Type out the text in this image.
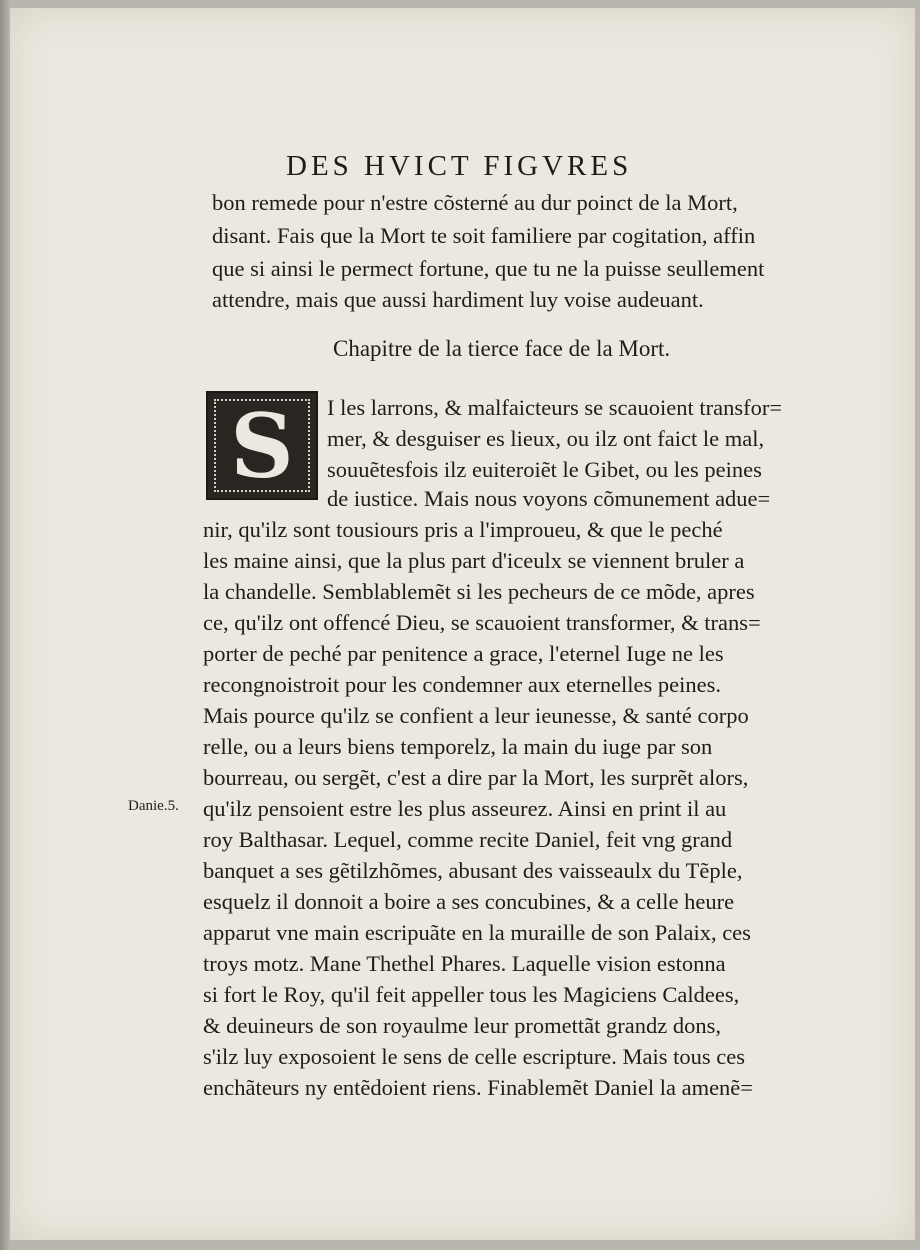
DES HVICT FIGVRES
bon remede pour n'estre cõsterné au dur poinct de la Mort,
disant. Fais que la Mort te soit familiere par cogitation, affin
que si ainsi le permect fortune, que tu ne la puisse seullement
attendre, mais que aussi hardiment luy voise audeuant.
Chapitre de la tierce face de la Mort.
S I les larrons, & malfaicteurs se scauoient transfor=
mer, & desguiser es lieux, ou ilz ont faict le mal,
souuẽtesfois ilz euiteroiẽt le Gibet, ou les peines
de iustice. Mais nous voyons cõmunement adue=
nir, qu'ilz sont tousiours pris a l'improueu, & que le peché
les maine ainsi, que la plus part d'iceulx se viennent bruler a
la chandelle. Semblablemẽt si les pecheurs de ce mõde, apres
ce, qu'ilz ont offencé Dieu, se scauoient transformer, & trans=
porter de peché par penitence a grace, l'eternel Iuge ne les
recongnoistroit pour les condemner aux eternelles peines.
Mais pource qu'ilz se confient a leur ieunesse, & santé corpo
relle, ou a leurs biens temporelz, la main du iuge par son
bourreau, ou sergẽt, c'est a dire par la Mort, les surprẽt alors,
qu'ilz pensoient estre les plus asseurez. Ainsi en print il au
roy Balthasar. Lequel, comme recite Daniel, feit vng grand
banquet a ses gẽtilzhõmes, abusant des vaisseaulx du Tẽple,
esquelz il donnoit a boire a ses concubines, & a celle heure
apparut vne main escripuãte en la muraille de son Palaix, ces
troys motz. Mane Thethel Phares. Laquelle vision estonna
si fort le Roy, qu'il feit appeller tous les Magiciens Caldees,
& deuineurs de son royaulme leur promettãt grandz dons,
s'ilz luy exposoient le sens de celle escripture. Mais tous ces
enchãteurs ny entẽdoient riens. Finablemẽt Daniel la amenẽ=
Danie.5.
